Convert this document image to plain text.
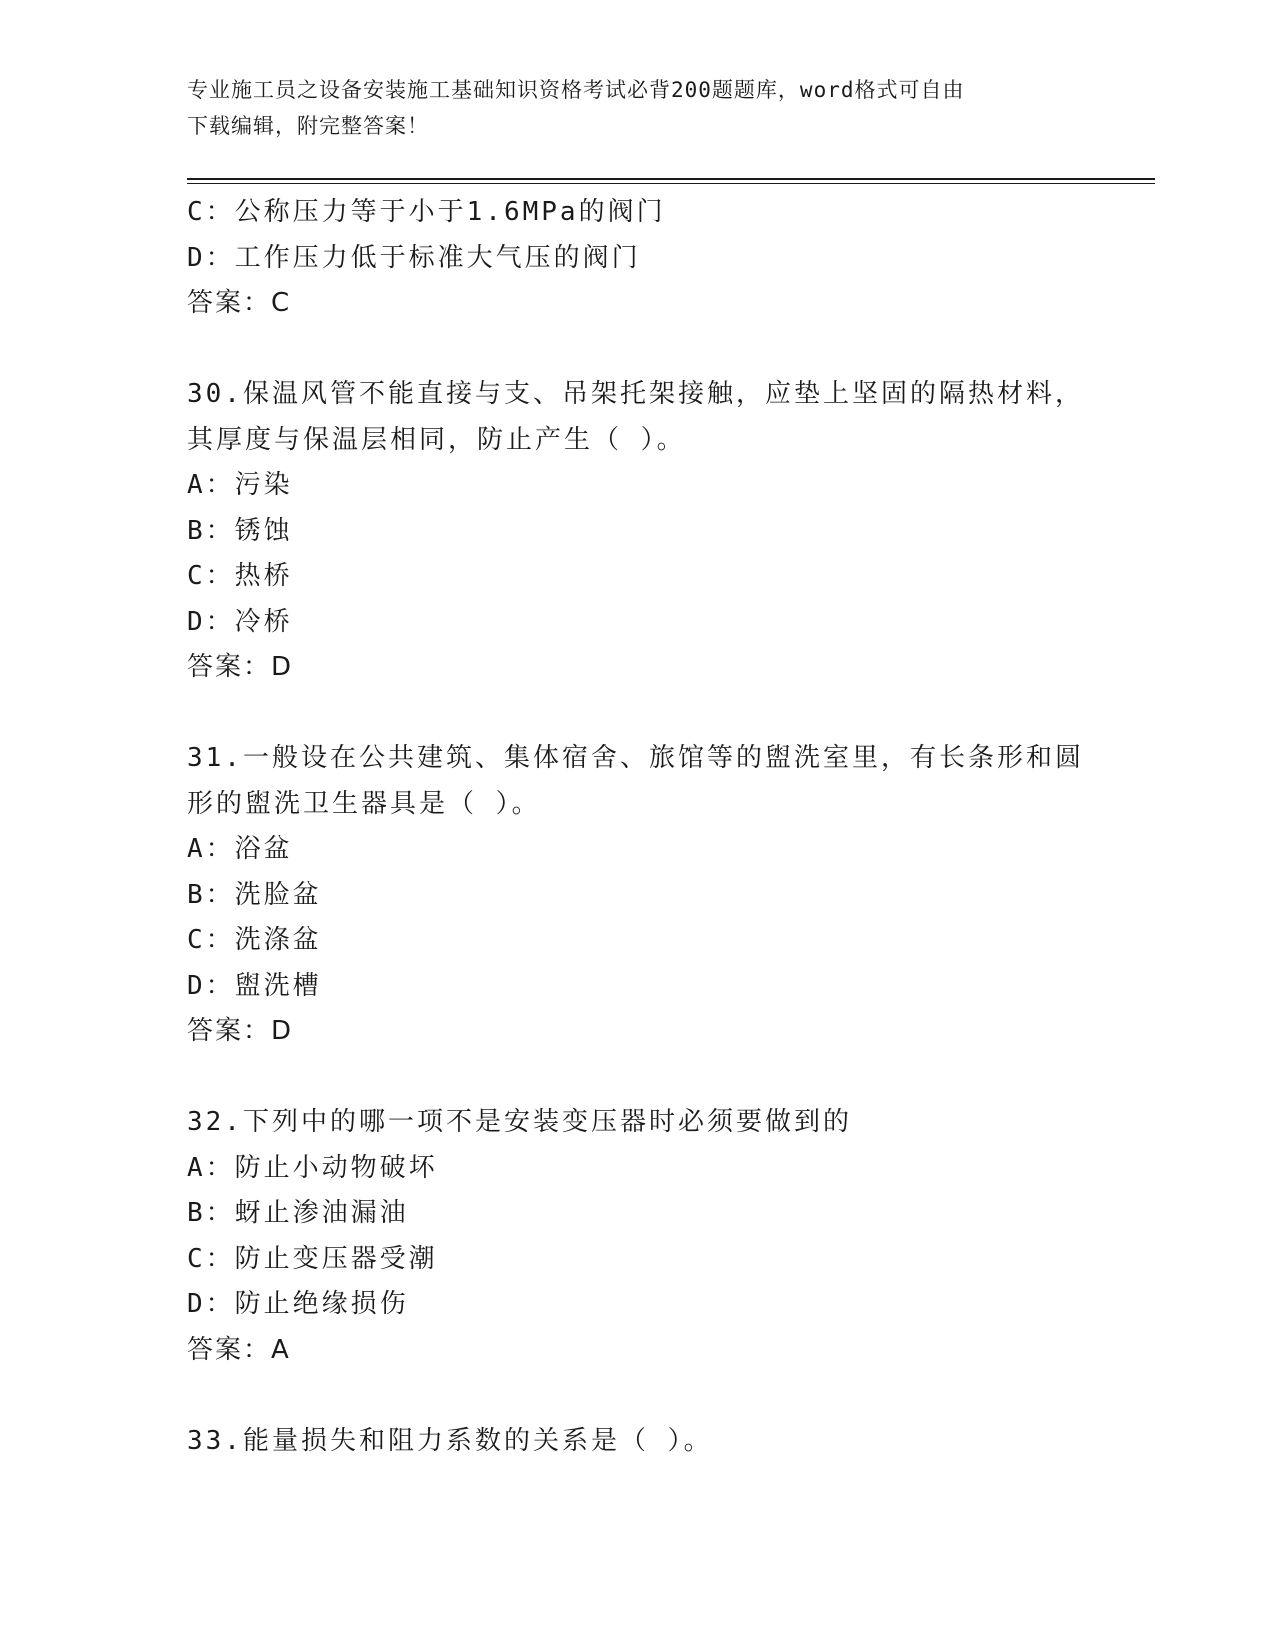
专业施工员之设备安装施工基础知识资格考试必背200题题库，word格式可自由
下载编辑，附完整答案！
C：公称压力等于小于1.6MPa的阀门
D：工作压力低于标准大气压的阀门
答案：C
30.保温风管不能直接与支、吊架托架接触，应垫上坚固的隔热材料，
其厚度与保温层相同，防止产生（ ）。
A：污染
B：锈蚀
C：热桥
D：冷桥
答案：D
31.一般设在公共建筑、集体宿舍、旅馆等的盥洗室里，有长条形和圆
形的盥洗卫生器具是（ ）。
A：浴盆
B：洗脸盆
C：洗涤盆
D：盥洗槽
答案：D
32.下列中的哪一项不是安装变压器时必须要做到的
A：防止小动物破坏
B：蚜止渗油漏油
C：防止变压器受潮
D：防止绝缘损伤
答案：A
33.能量损失和阻力系数的关系是（ ）。
